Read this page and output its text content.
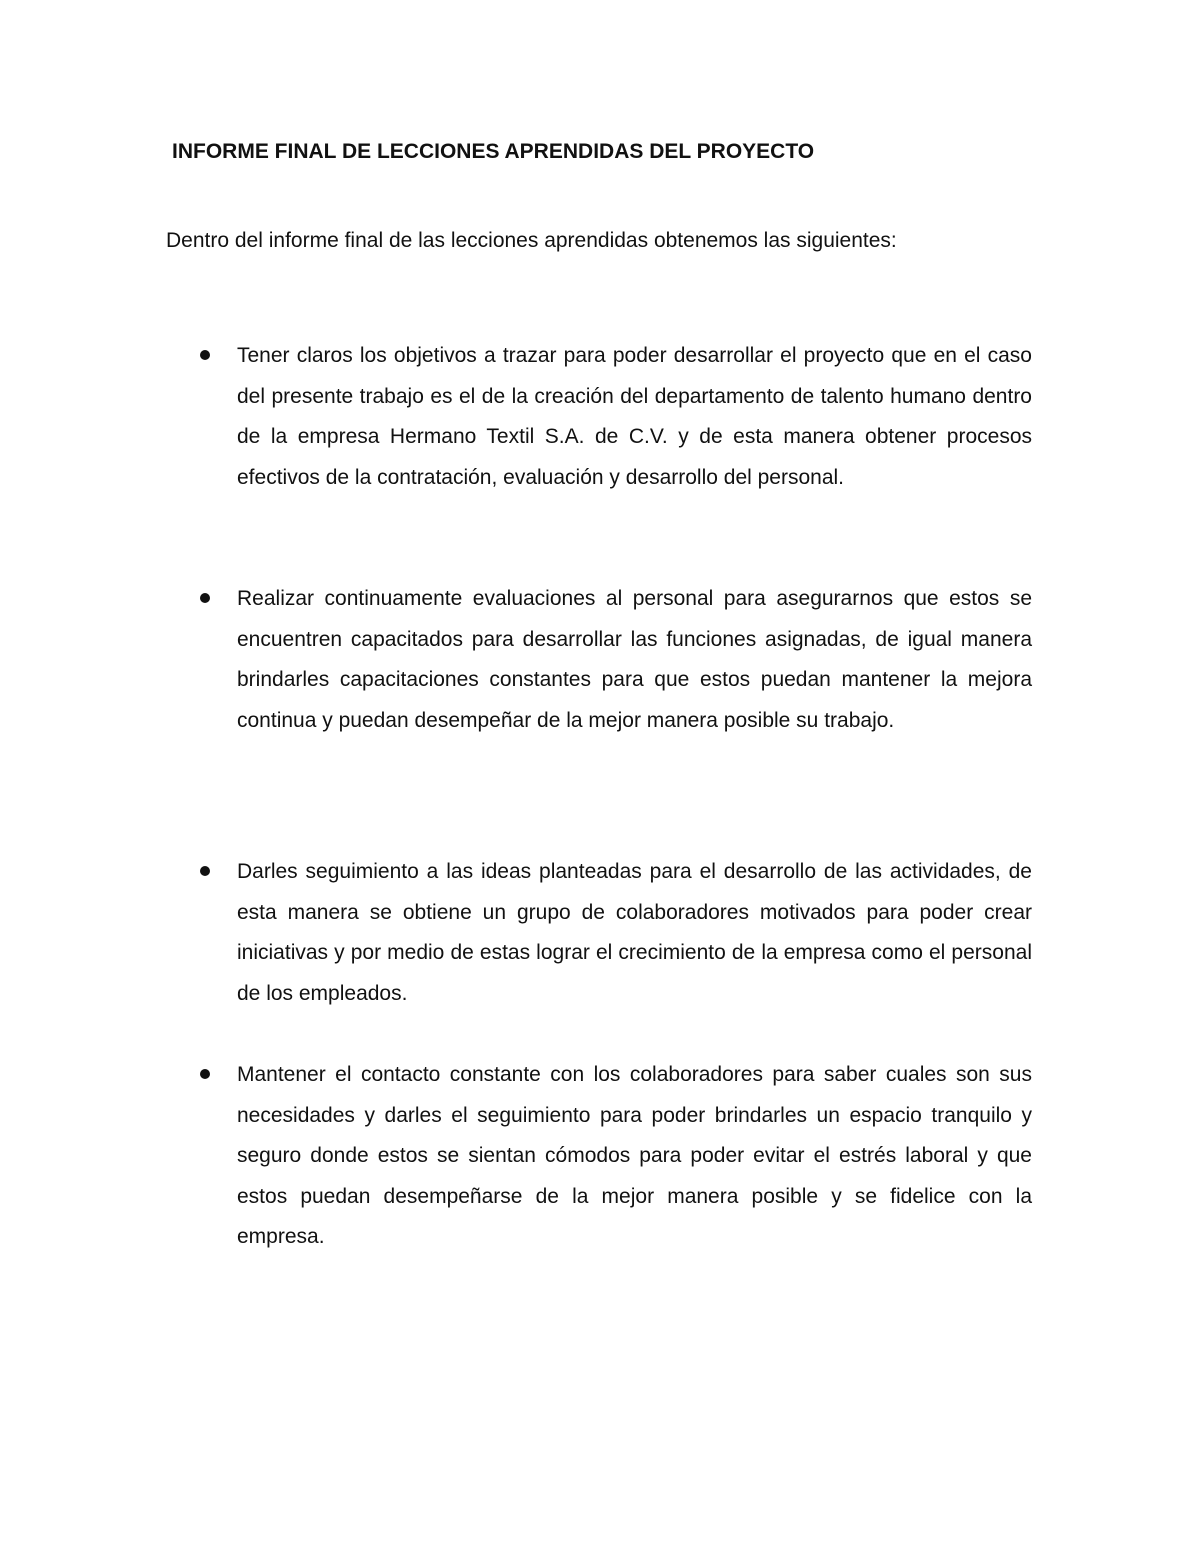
INFORME FINAL DE LECCIONES APRENDIDAS DEL PROYECTO

Dentro del informe final de las lecciones aprendidas obtenemos las siguientes:

Tener claros los objetivos a trazar para poder desarrollar el proyecto que en el caso del presente trabajo es el de la creación del departamento de talento humano dentro de la empresa Hermano Textil S.A. de C.V. y de esta manera obtener procesos efectivos de la contratación, evaluación y desarrollo del personal.
Realizar continuamente evaluaciones al personal para asegurarnos que estos se encuentren capacitados para desarrollar las funciones asignadas, de igual manera brindarles capacitaciones constantes para que estos puedan mantener la mejora continua y puedan desempeñar de la mejor manera posible su trabajo.
Darles seguimiento a las ideas planteadas para el desarrollo de las actividades, de esta manera se obtiene un grupo de colaboradores motivados para poder crear iniciativas y por medio de estas lograr el crecimiento de la empresa como el personal de los empleados.
Mantener el contacto constante con los colaboradores para saber cuales son sus necesidades y darles el seguimiento para poder brindarles un espacio tranquilo y seguro donde estos se sientan cómodos para poder evitar el estrés laboral y que estos puedan desempeñarse de la mejor manera posible y se fidelice con la empresa.
